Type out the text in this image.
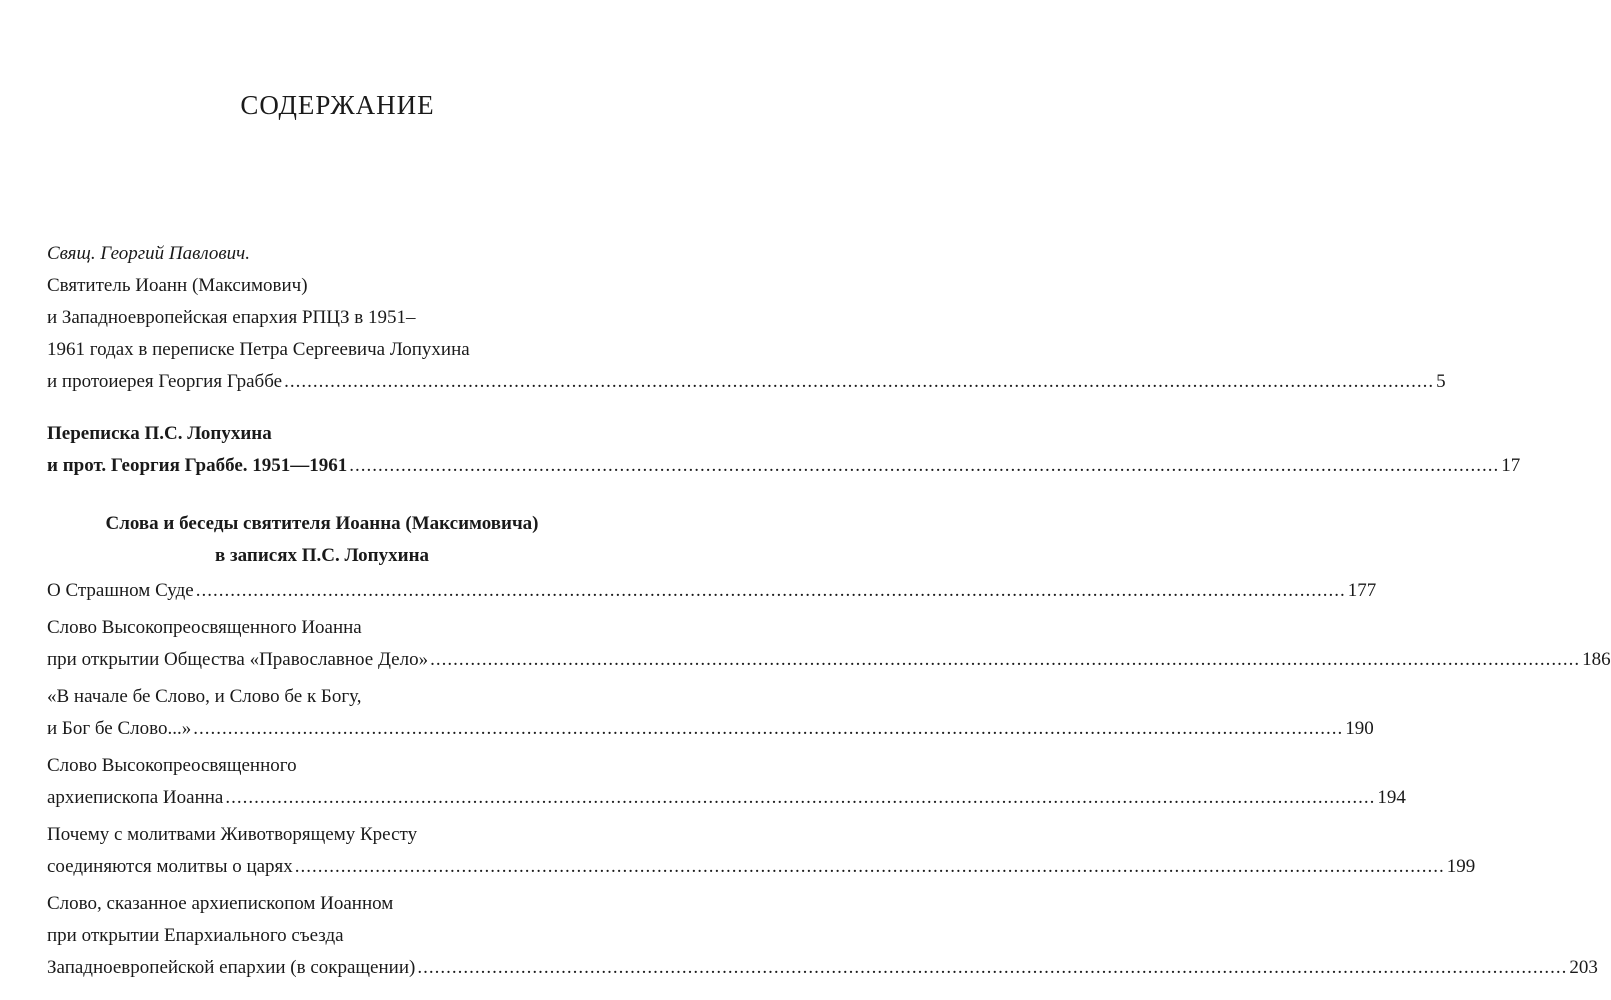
СОДЕРЖАНИЕ
Свящ. Георгий Павлович.
Святитель Иоанн (Максимович)
и Западноевропейская епархия РПЦЗ в 1951–
1961 годах в переписке Петра Сергеевича Лопухина
и протоиерея Георгия Граббе ........................................................................................................................................................................................................ 5
Переписка П.С. Лопухина
и прот. Георгия Граббе. 1951—1961 ........................................................................................................................................................................................................ 17
Слова и беседы святителя Иоанна (Максимовича)
в записях П.С. Лопухина
О Страшном Суде ........................................................................................................................................................................................................ 177
Слово Высокопреосвященного Иоанна
при открытии Общества «Православное Дело» ........................................................................................................................................................................................................ 186
«В начале бе Слово, и Слово бе к Богу,
и Бог бе Слово...» ........................................................................................................................................................................................................ 190
Слово Высокопреосвященного
архиепископа Иоанна ........................................................................................................................................................................................................ 194
Почему с молитвами Животворящему Кресту
соединяются молитвы о царях ........................................................................................................................................................................................................ 199
Слово, сказанное архиепископом Иоанном
при открытии Епархиального съезда
Западноевропейской епархии (в сокращении) ........................................................................................................................................................................................................ 203
